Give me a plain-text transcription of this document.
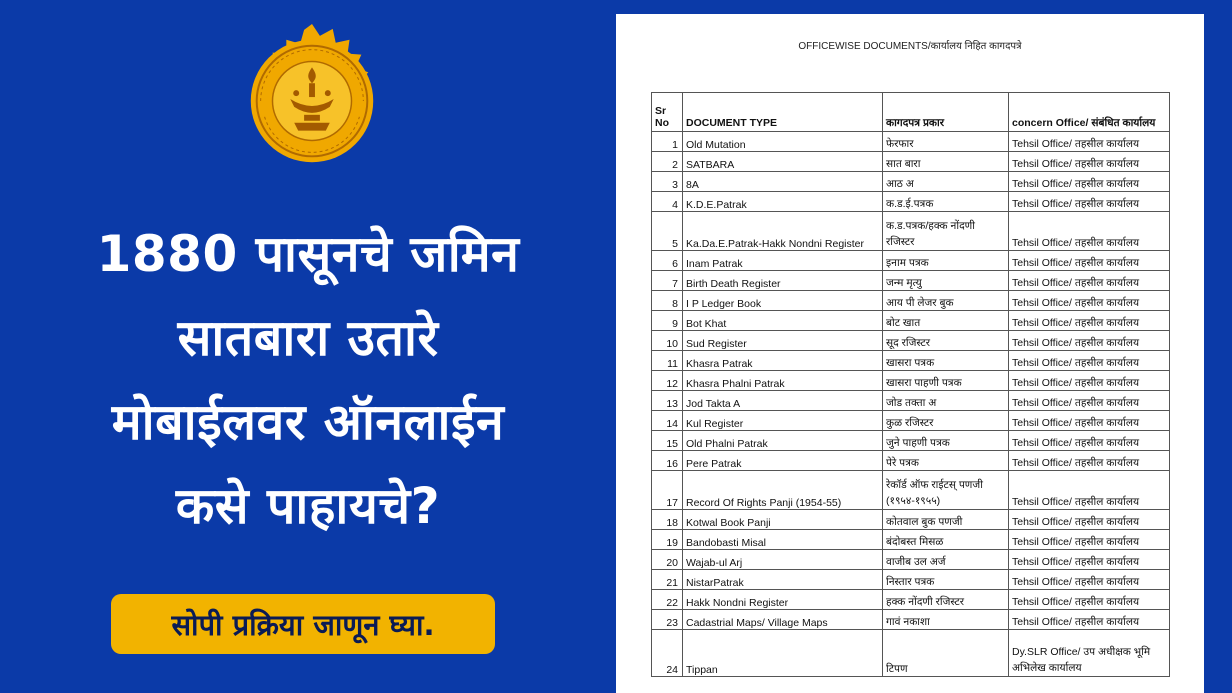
1880 पासूनचे जमिन
सातबारा उतारे
मोबाईलवर ऑनलाईन
कसे पाहायचे?
सोपी प्रक्रिया जाणून घ्या.
OFFICEWISE DOCUMENTS/कार्यालय निहित कागदपत्रे
Sr No	DOCUMENT TYPE	कागदपत्र प्रकार	concern Office/ संबंधित कार्यालय
1	Old Mutation	फेरफार	Tehsil Office/ तहसील कार्यालय
2	SATBARA	सात बारा	Tehsil Office/ तहसील कार्यालय
3	8A	आठ अ	Tehsil Office/ तहसील कार्यालय
4	K.D.E.Patrak	क.ड.ई.पत्रक	Tehsil Office/ तहसील कार्यालय
5	Ka.Da.E.Patrak-Hakk Nondni Register	क.ड.पत्रक/हक्क नोंदणी रजिस्टर	Tehsil Office/ तहसील कार्यालय
6	Inam Patrak	इनाम पत्रक	Tehsil Office/ तहसील कार्यालय
7	Birth Death Register	जन्म मृत्यु	Tehsil Office/ तहसील कार्यालय
8	I P Ledger Book	आय पी लेजर बुक	Tehsil Office/ तहसील कार्यालय
9	Bot Khat	बोट खात	Tehsil Office/ तहसील कार्यालय
10	Sud Register	सूद रजिस्टर	Tehsil Office/ तहसील कार्यालय
11	Khasra Patrak	खासरा पत्रक	Tehsil Office/ तहसील कार्यालय
12	Khasra Phalni Patrak	खासरा पाहणी पत्रक	Tehsil Office/ तहसील कार्यालय
13	Jod Takta A	जोड तक्ता अ	Tehsil Office/ तहसील कार्यालय
14	Kul Register	कुळ रजिस्टर	Tehsil Office/ तहसील कार्यालय
15	Old Phalni Patrak	जुने पाहणी पत्रक	Tehsil Office/ तहसील कार्यालय
16	Pere Patrak	पेरे पत्रक	Tehsil Office/ तहसील कार्यालय
17	Record Of Rights Panji (1954-55)	रेकॉर्ड ऑफ राईटस् पणजी (१९५४-१९५५)	Tehsil Office/ तहसील कार्यालय
18	Kotwal Book Panji	कोतवाल बुक पणजी	Tehsil Office/ तहसील कार्यालय
19	Bandobasti Misal	बंदोबस्त मिसळ	Tehsil Office/ तहसील कार्यालय
20	Wajab-ul Arj	वाजीब उल अर्ज	Tehsil Office/ तहसील कार्यालय
21	NistarPatrak	निस्तार पत्रक	Tehsil Office/ तहसील कार्यालय
22	Hakk Nondni Register	हक्क नोंदणी रजिस्टर	Tehsil Office/ तहसील कार्यालय
23	Cadastrial Maps/ Village Maps	गावं नकाशा	Tehsil Office/ तहसील कार्यालय
24	Tippan	टिपण	Dy.SLR Office/ उप अधीक्षक भूमि अभिलेख कार्यालय
